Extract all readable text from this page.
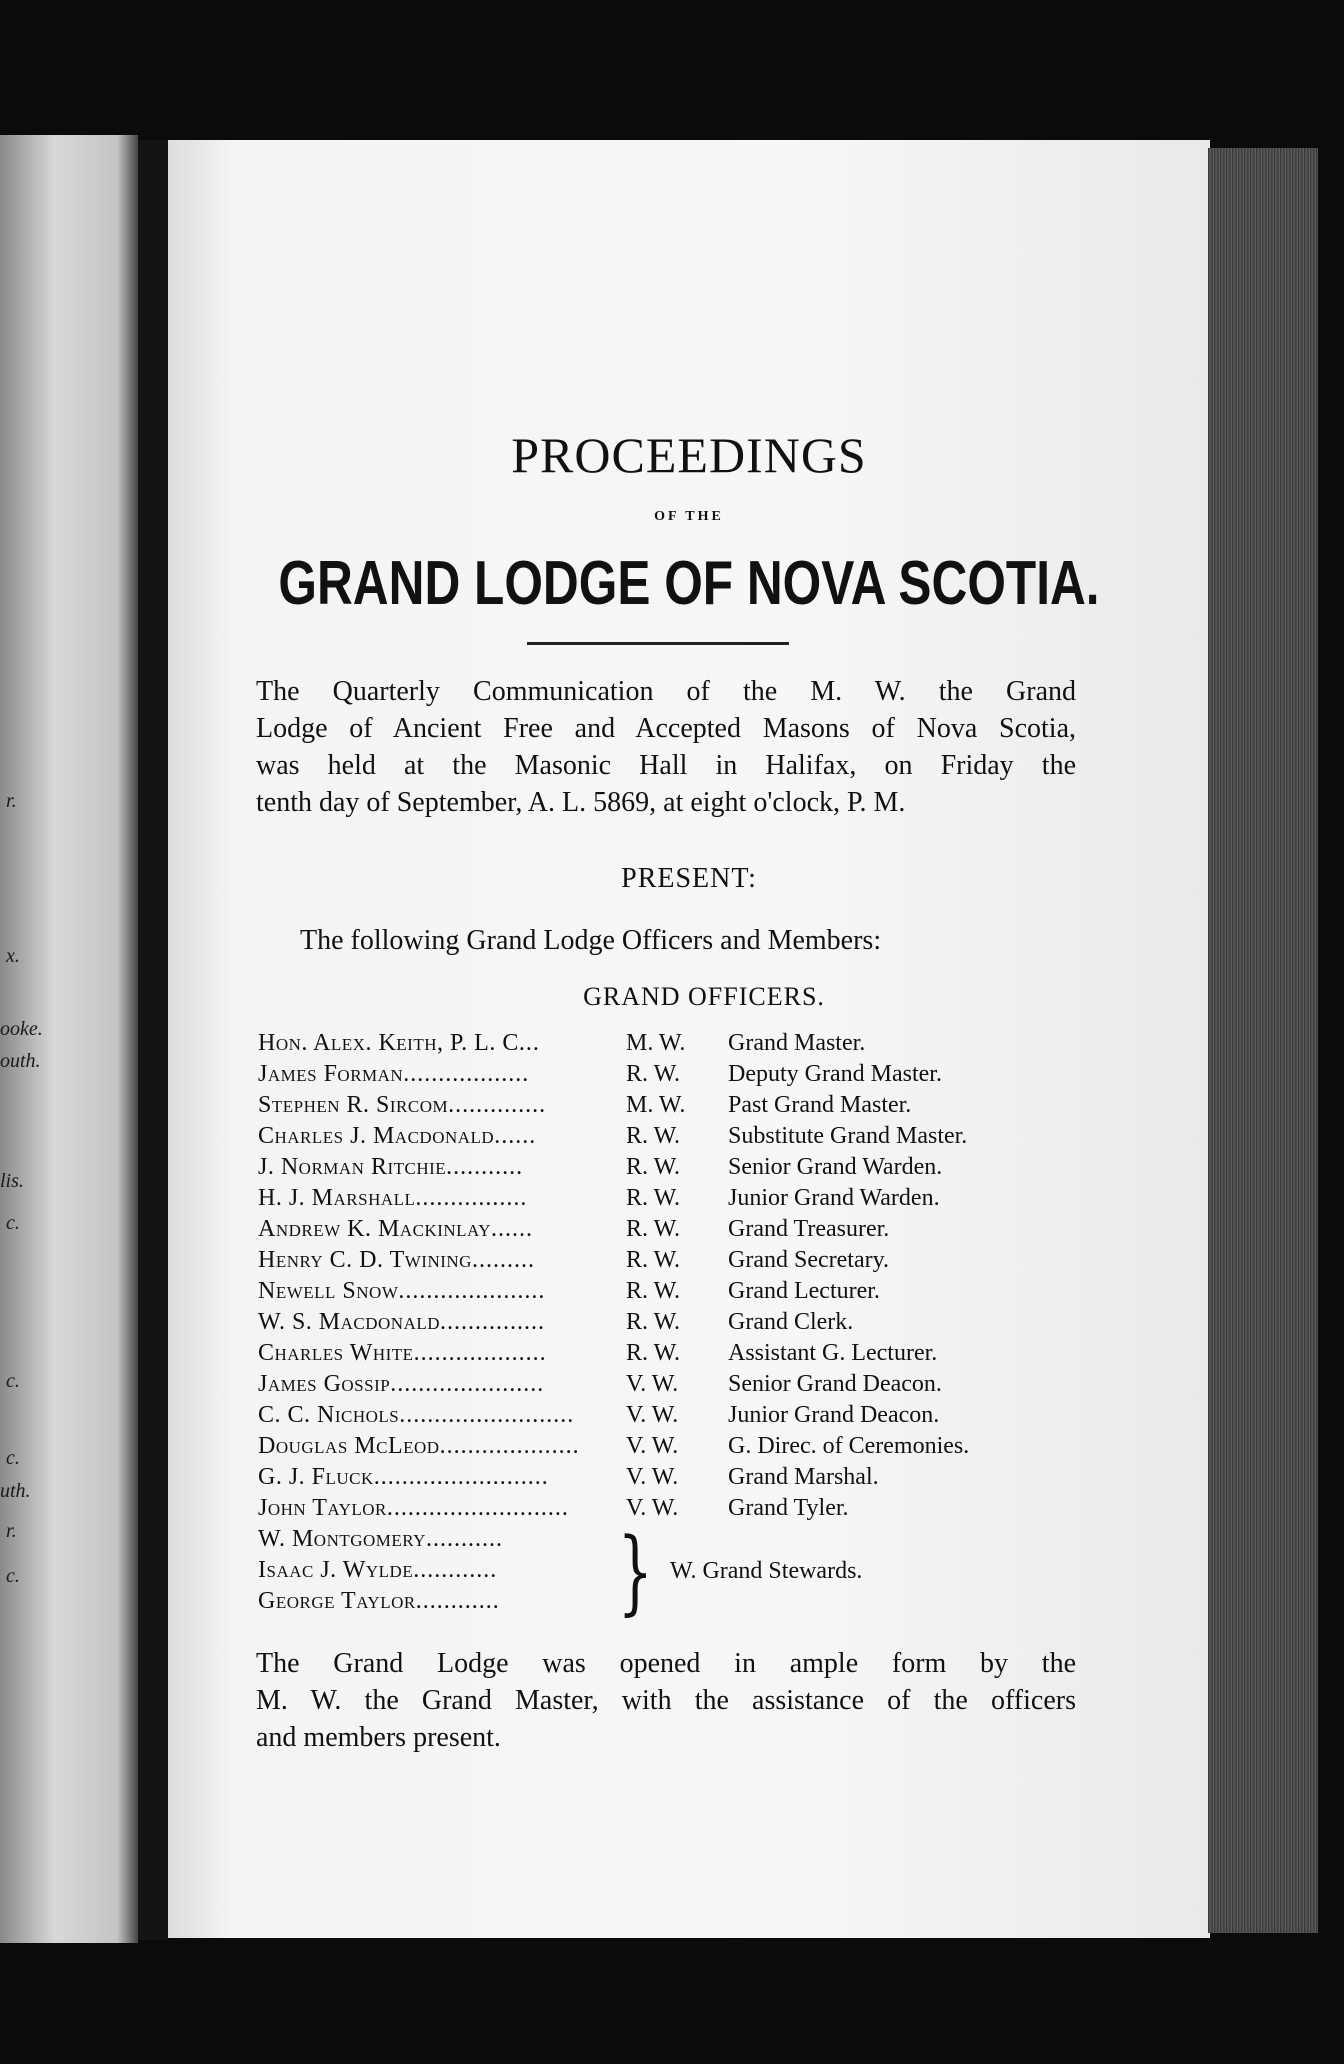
r.
x.
ooke.
outh.
lis.
c.
c.
c.
uth.
r.
c.
PROCEEDINGS
OF THE
GRAND LODGE OF NOVA SCOTIA.
The Quarterly Communication of the M. W. the Grand
Lodge of Ancient Free and Accepted Masons of Nova Scotia,
was held at the Masonic Hall in Halifax, on Friday the
tenth day of September, A. L. 5869, at eight o'clock, P. M.
PRESENT:
The following Grand Lodge Officers and Members:
GRAND OFFICERS.
Hon. Alex. Keith, P. L. C...	M. W.	Grand Master.
James Forman..................	R. W.	Deputy Grand Master.
Stephen R. Sircom..............	M. W.	Past Grand Master.
Charles J. Macdonald......	R. W.	Substitute Grand Master.
J. Norman Ritchie...........	R. W.	Senior Grand Warden.
H. J. Marshall................	R. W.	Junior Grand Warden.
Andrew K. Mackinlay......	R. W.	Grand Treasurer.
Henry C. D. Twining.........	R. W.	Grand Secretary.
Newell Snow.....................	R. W.	Grand Lecturer.
W. S. Macdonald...............	R. W.	Grand Clerk.
Charles White...................	R. W.	Assistant G. Lecturer.
James Gossip......................	V. W.	Senior Grand Deacon.
C. C. Nichols.........................	V. W.	Junior Grand Deacon.
Douglas McLeod....................	V. W.	G. Direc. of Ceremonies.
G. J. Fluck.........................	V. W.	Grand Marshal.
John Taylor..........................	V. W.	Grand Tyler.
W. Montgomery...........
Isaac J. Wylde............
George Taylor............	} W. Grand Stewards.
The Grand Lodge was opened in ample form by the
M. W. the Grand Master, with the assistance of the officers
and members present.
